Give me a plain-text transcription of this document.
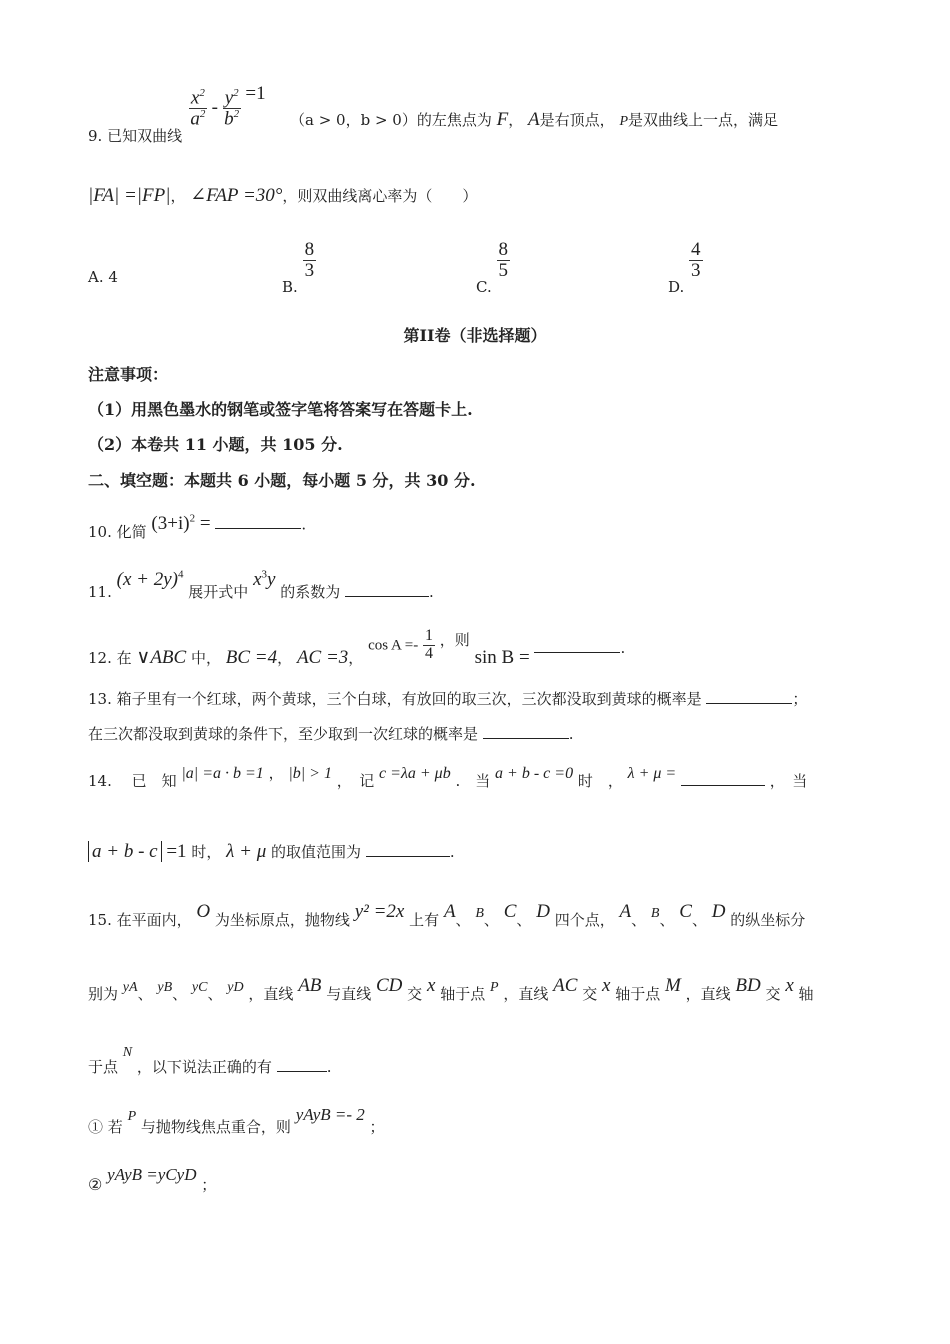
9. 已知双曲线
$\frac{x^2}{a^2} - \frac{y^2}{b^2} =1$
（a > 0，b > 0）的左焦点为 F， A是右顶点， P是双曲线上一点，满足
|FA| =|FP|， ∠FAP =30°，则双曲线离心率为（　　）
A. 4
B.
$\frac{8}{3}$
C.
$\frac{8}{5}$
D.
$\frac{4}{3}$
第II卷（非选择题）
注意事项：
（1）用黑色墨水的钢笔或签字笔将答案写在答题卡上.
（2）本卷共 11 小题，共 105 分.
二、填空题：本题共 6 小题，每小题 5 分，共 30 分.
10. 化简 $(3+i)^2$ =	.
11. $(x + 2y)^4$ 展开式中 $x^3y$ 的系数为	.
12. 在 ∨ABC 中， BC =4， AC =3， $\cos A =- \frac{1}{4}$ ，则 sin B =	.
13. 箱子里有一个红球，两个黄球，三个白球，有放回的取三次，三次都没取到黄球的概率是	；
在三次都没取到黄球的条件下，至少取到一次红球的概率是	.
14.　 已　知 |a| =a · b =1 ， |b| > 1 ，　记 c =λa + μb .　当 a + b - c =0 时　， λ + μ =	，　当
a + b - c =1 时， λ + μ 的取值范围为	.
15. 在平面内， O 为坐标原点，抛物线 y² =2x 上有 A、 B、 C、 D 四个点， A、 B、 C、 D 的纵坐标分
别为 yA、 yB、 yC、 yD ，直线 AB 与直线 CD 交 x 轴于点 P ，直线 AC 交 x 轴于点 M ，直线 BD 交 x 轴
于点 N ，以下说法正确的有	.
① 若 P 与抛物线焦点重合，则 yAyB =- 2 ；
② yAyB =yCyD ；
